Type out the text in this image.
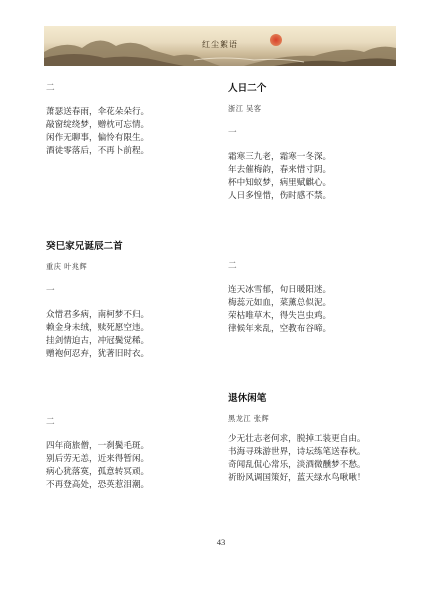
红尘絮语
二
萧瑟送春雨，伞花朵朵行。
敲窗绽绕梦，赠枕可忘情。
闲作无聊事，偏怜有限生。
酒徒零落后，不再卜前程。
癸巳家兄诞辰二首
重庆 叶兆辉
一
众惜君多病，南柯梦不归。
赖金身未绒，赎死愿空违。
挂剑情迫古，冲冠鬓觉稀。
赠袍何忍弃，犹著旧时衣。
二
四年商旅僧，一刹鬓毛斑。
别后劳无恙，近来得暂闲。
病心犹落寞，孤意转冥顽。
不再登高处，恐英惹泪潮。
人日二个
浙江 吴客
一
霜寒三九老，霜寒一冬深。
年去催梅韵，春来惜寸阴。
杯中知蚁梦，病里赋麒心。
人日多惶惜，伤时感不禁。
二
连天冰雪郁，旬日暖阳迷。
梅蕊元如血，菜薰总似泥。
荣枯唯草木，得失岂虫鸡。
律候年来乱，空教布谷啼。
退休闲笔
黑龙江 张辉
少无壮志老何求，脱掉工装更自由。
书海寻珠游世界，诗坛练笔送春秋。
奇闻乱侃心常乐，淡酒微醺梦不愁。
祈盼风调国策好，蓝天绿水鸟啾啾！
43
